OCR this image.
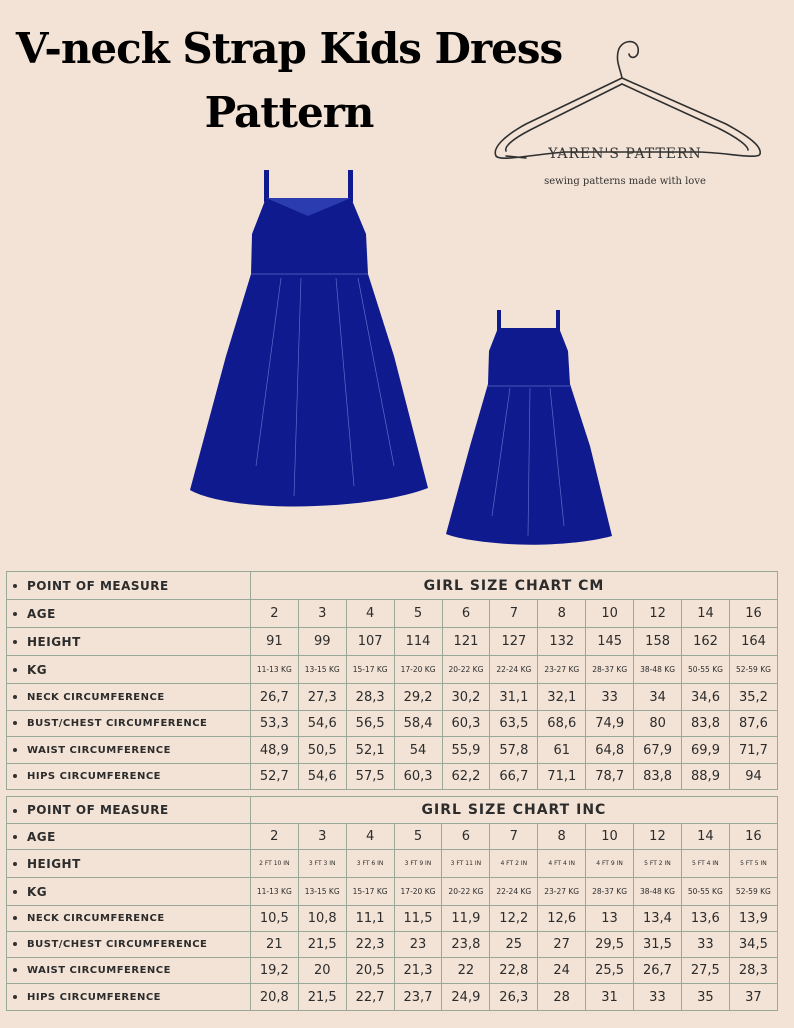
V-neck Strap Kids Dress
Pattern
YAREN'S PATTERN
sewing patterns made with love
POINT OF MEASURE	GIRL SIZE CHART CM										
AGE	2	3	4	5	6	7	8	10	12	14	16
HEIGHT	91	99	107	114	121	127	132	145	158	162	164
KG	11-13 KG	13-15 KG	15-17 KG	17-20 KG	20-22 KG	22-24 KG	23-27 KG	28-37 KG	38-48 KG	50-55 KG	52-59 KG
NECK CIRCUMFERENCE	26,7	27,3	28,3	29,2	30,2	31,1	32,1	33	34	34,6	35,2
BUST/CHEST CIRCUMFERENCE	53,3	54,6	56,5	58,4	60,3	63,5	68,6	74,9	80	83,8	87,6
WAIST CIRCUMFERENCE	48,9	50,5	52,1	54	55,9	57,8	61	64,8	67,9	69,9	71,7
HIPS CIRCUMFERENCE	52,7	54,6	57,5	60,3	62,2	66,7	71,1	78,7	83,8	88,9	94
POINT OF MEASURE	GIRL SIZE CHART INC										
AGE	2	3	4	5	6	7	8	10	12	14	16
HEIGHT	2 FT 10 IN	3 FT 3 IN	3 FT 6 IN	3 FT 9 IN	3 FT 11 IN	4 FT 2 IN	4 FT 4 IN	4 FT 9 IN	5 FT 2 IN	5 FT 4 IN	5 FT 5 IN
KG	11-13 KG	13-15 KG	15-17 KG	17-20 KG	20-22 KG	22-24 KG	23-27 KG	28-37 KG	38-48 KG	50-55 KG	52-59 KG
NECK CIRCUMFERENCE	10,5	10,8	11,1	11,5	11,9	12,2	12,6	13	13,4	13,6	13,9
BUST/CHEST CIRCUMFERENCE	21	21,5	22,3	23	23,8	25	27	29,5	31,5	33	34,5
WAIST CIRCUMFERENCE	19,2	20	20,5	21,3	22	22,8	24	25,5	26,7	27,5	28,3
HIPS CIRCUMFERENCE	20,8	21,5	22,7	23,7	24,9	26,3	28	31	33	35	37
